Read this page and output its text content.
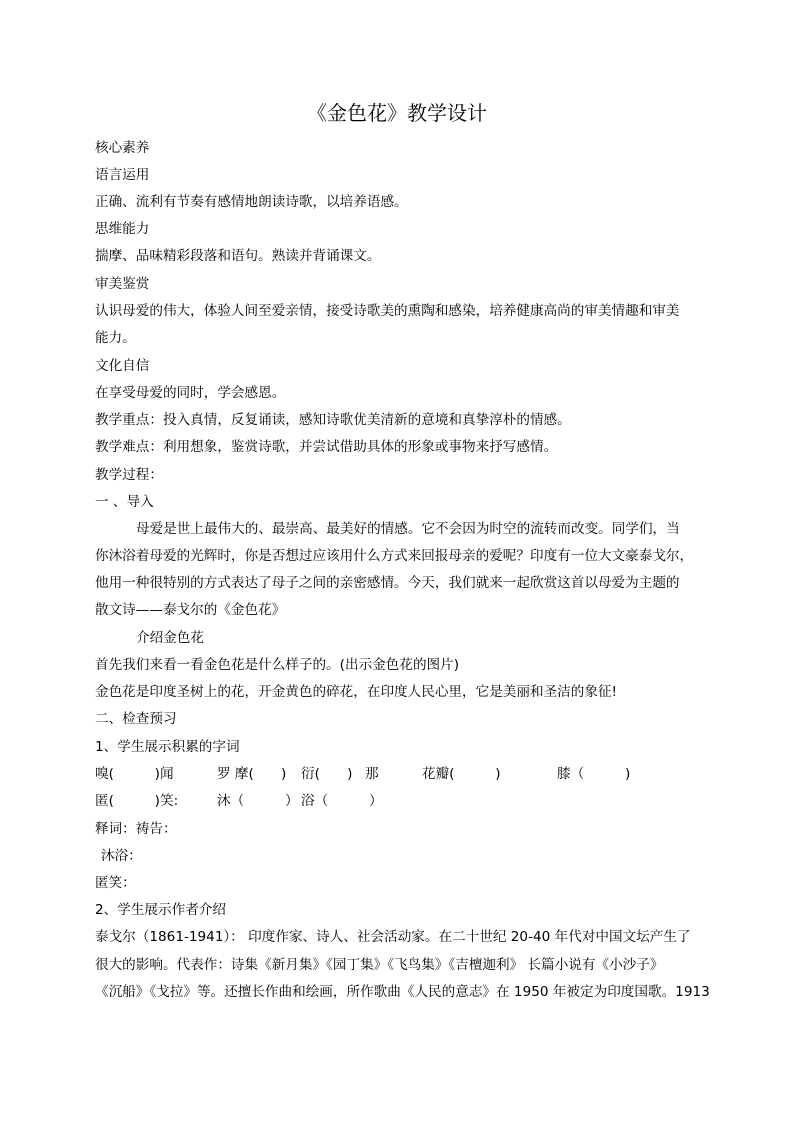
《金色花》教学设计
核心素养
语言运用
正确、流利有节奏有感情地朗读诗歌，以培养语感。
思维能力
揣摩、品味精彩段落和语句。熟读并背诵课文。
审美鉴赏
认识母爱的伟大，体验人间至爱亲情，接受诗歌美的熏陶和感染，培养健康高尚的审美情趣和审美
能力。
文化自信
在享受母爱的同时，学会感恩。
教学重点：投入真情，反复诵读，感知诗歌优美清新的意境和真挚淳朴的情感。
教学难点：利用想象，鉴赏诗歌，并尝试借助具体的形象或事物来抒写感情。
教学过程：
一 、导入
母爱是世上最伟大的、最崇高、最美好的情感。它不会因为时空的流转而改变。同学们，当
你沐浴着母爱的光辉时，你是否想过应该用什么方式来回报母亲的爱呢？印度有一位大文豪泰戈尔，
他用一种很特别的方式表达了母子之间的亲密感情。今天，我们就来一起欣赏这首以母爱为主题的
散文诗——泰戈尔的《金色花》
介绍金色花
首先我们来看一看金色花是什么样子的。(出示金色花的图片)
金色花是印度圣树上的花，开金黄色的碎花，在印度人民心里，它是美丽和圣洁的象征!
二、检查预习
1、学生展示积累的字词
嗅(　　　)闻	罗 摩(　　) 衍(　　) 那	花瓣(　　　)	膝（　　　)
匿(　　　)笑:	沐（　　　） 浴（　　　）
释词：祷告：
沐浴：
匿笑：
2、学生展示作者介绍
泰戈尔（1861-1941）： 印度作家、诗人、社会活动家。在二十世纪 20-40 年代对中国文坛产生了
很大的影响。代表作：诗集《新月集》《园丁集》《飞鸟集》《吉檀迦利》 长篇小说有《小沙子》
《沉船》《戈拉》等。还擅长作曲和绘画，所作歌曲《人民的意志》在 1950 年被定为印度国歌。1913
